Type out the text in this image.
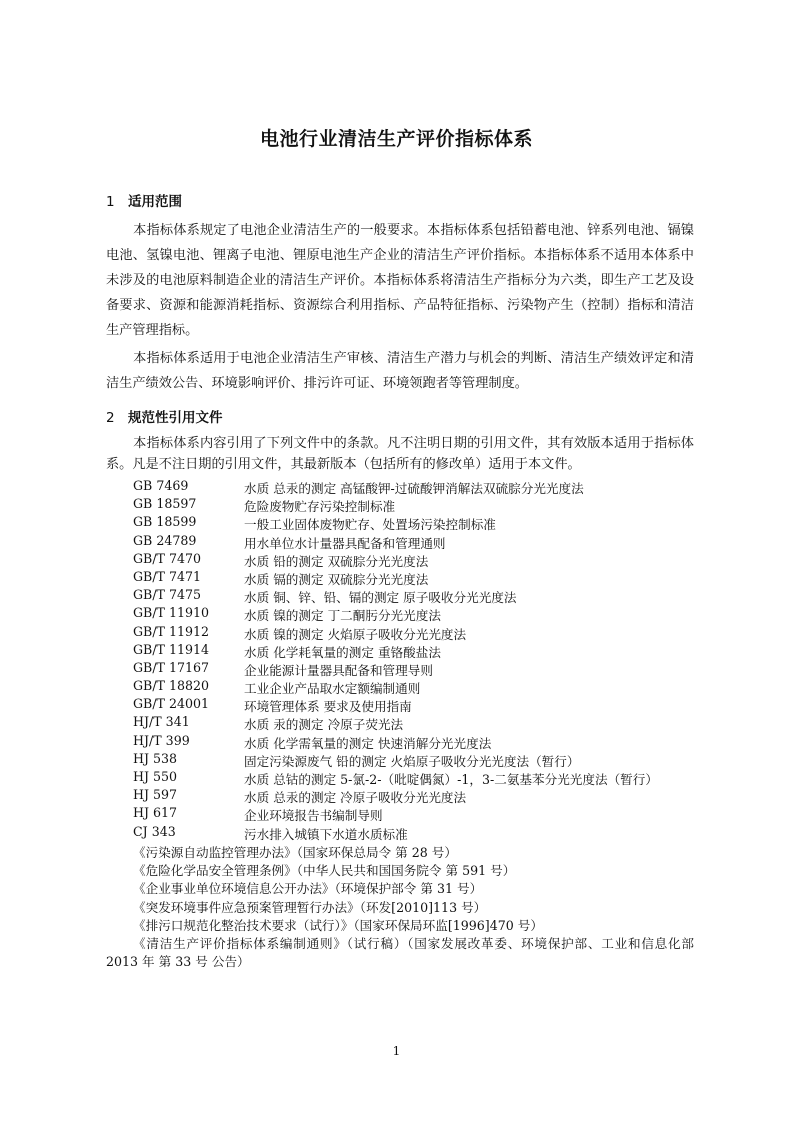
电池行业清洁生产评价指标体系
1 适用范围
本指标体系规定了电池企业清洁生产的一般要求。本指标体系包括铅蓄电池、锌系列电池、镉镍电池、氢镍电池、锂离子电池、锂原电池生产企业的清洁生产评价指标。本指标体系不适用本体系中未涉及的电池原料制造企业的清洁生产评价。本指标体系将清洁生产指标分为六类，即生产工艺及设备要求、资源和能源消耗指标、资源综合利用指标、产品特征指标、污染物产生（控制）指标和清洁生产管理指标。
本指标体系适用于电池企业清洁生产审核、清洁生产潜力与机会的判断、清洁生产绩效评定和清洁生产绩效公告、环境影响评价、排污许可证、环境领跑者等管理制度。
2 规范性引用文件
本指标体系内容引用了下列文件中的条款。凡不注明日期的引用文件，其有效版本适用于指标体系。凡是不注日期的引用文件，其最新版本（包括所有的修改单）适用于本文件。
GB 7469	水质 总汞的测定 高锰酸钾-过硫酸钾消解法双硫腙分光光度法
GB 18597	危险废物贮存污染控制标准
GB 18599	一般工业固体废物贮存、处置场污染控制标准
GB 24789	用水单位水计量器具配备和管理通则
GB/T 7470	水质 铅的测定 双硫腙分光光度法
GB/T 7471	水质 镉的测定 双硫腙分光光度法
GB/T 7475	水质 铜、锌、铅、镉的测定 原子吸收分光光度法
GB/T 11910	水质 镍的测定 丁二酮肟分光光度法
GB/T 11912	水质 镍的测定 火焰原子吸收分光光度法
GB/T 11914	水质 化学耗氧量的测定 重铬酸盐法
GB/T 17167	企业能源计量器具配备和管理导则
GB/T 18820	工业企业产品取水定额编制通则
GB/T 24001	环境管理体系 要求及使用指南
HJ/T 341	水质 汞的测定 冷原子荧光法
HJ/T 399	水质 化学需氧量的测定 快速消解分光光度法
HJ 538	固定污染源废气 铅的测定 火焰原子吸收分光光度法（暂行）
HJ 550	水质 总钴的测定 5-氯-2-（吡啶偶氮）-1，3-二氨基苯分光光度法（暂行）
HJ 597	水质 总汞的测定 冷原子吸收分光光度法
HJ 617	企业环境报告书编制导则
CJ 343	污水排入城镇下水道水质标准
《污染源自动监控管理办法》（国家环保总局令 第 28 号）
《危险化学品安全管理条例》（中华人民共和国国务院令 第 591 号）
《企业事业单位环境信息公开办法》（环境保护部令 第 31 号）
《突发环境事件应急预案管理暂行办法》（环发[2010]113 号）
《排污口规范化整治技术要求（试行）》（国家环保局环监[1996]470 号）
《清洁生产评价指标体系编制通则》（试行稿）（国家发展改革委、环境保护部、工业和信息化部 2013 年 第 33 号 公告）
1
